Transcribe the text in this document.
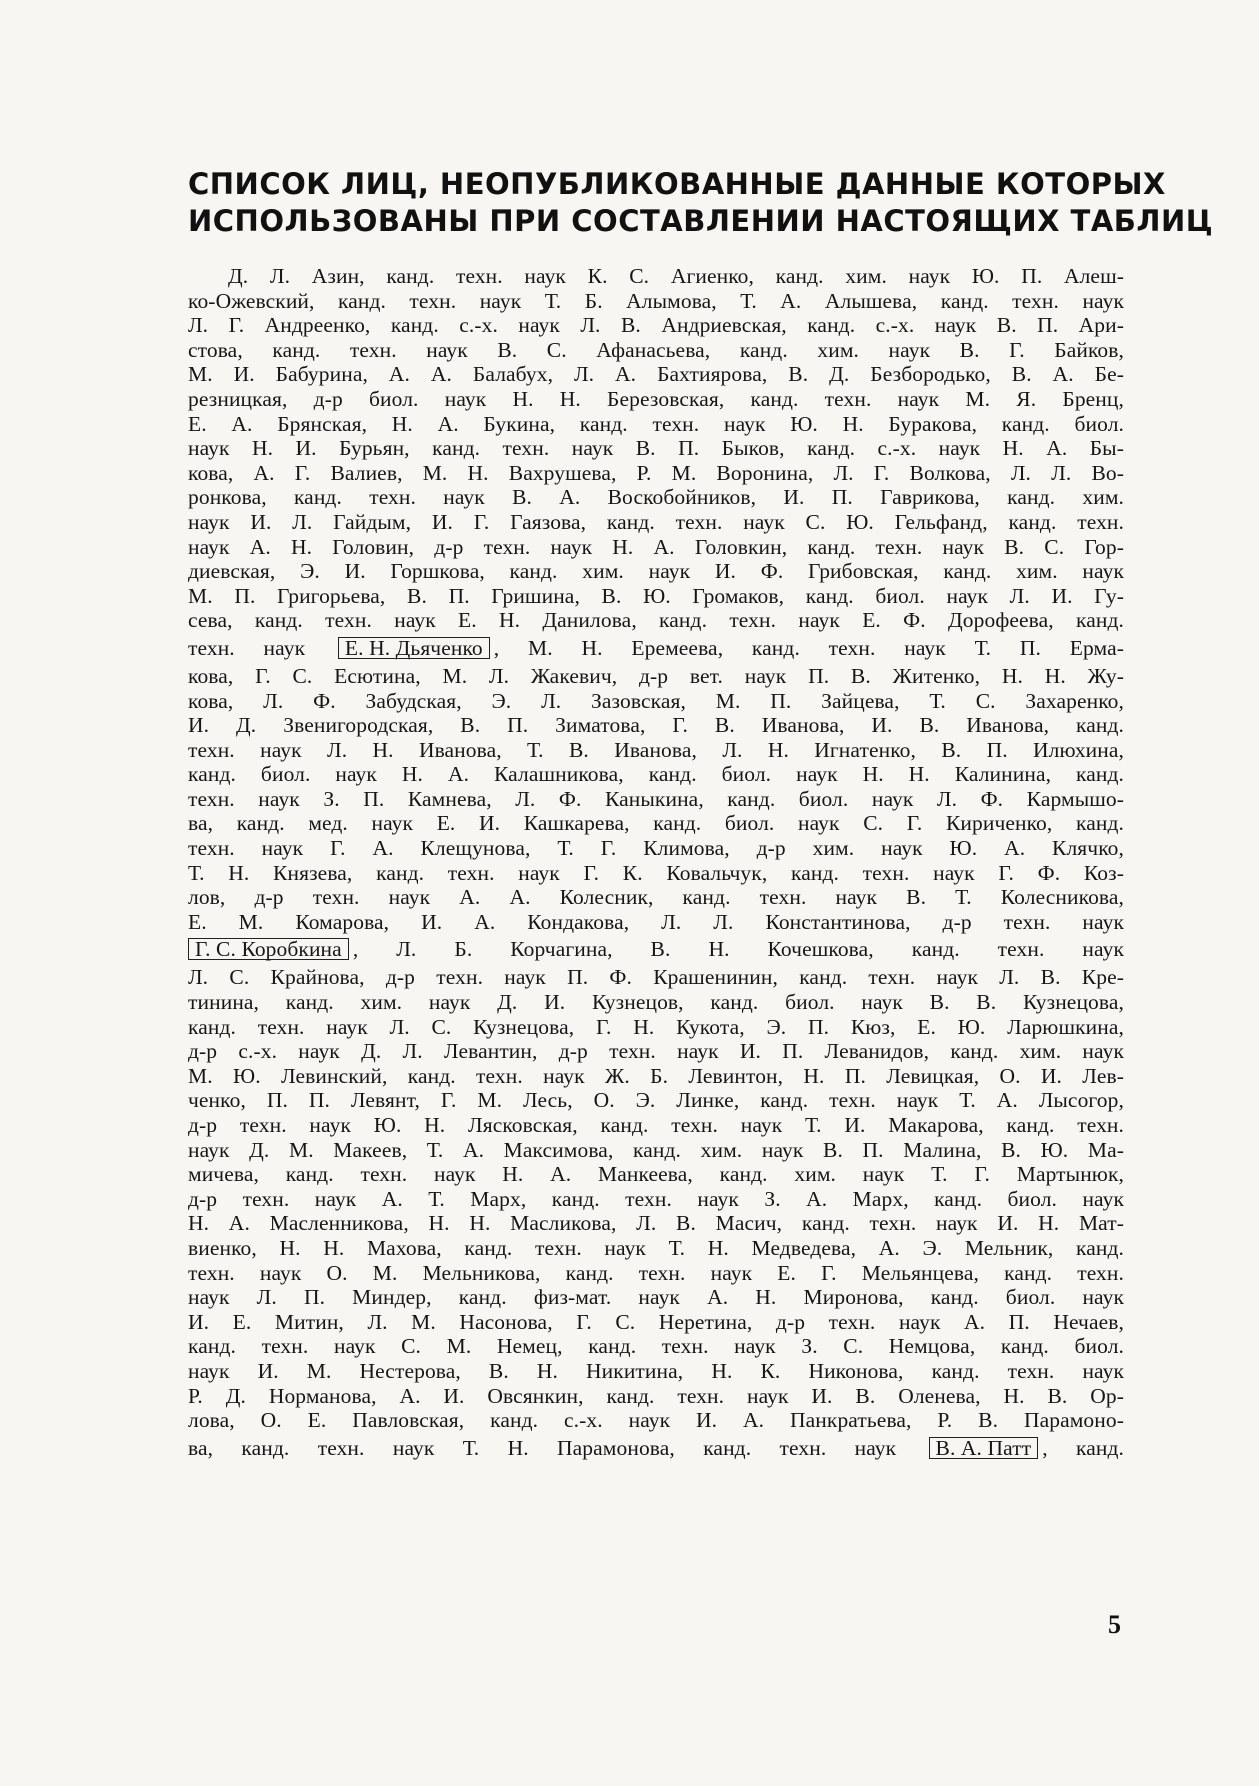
СПИСОК ЛИЦ, НЕОПУБЛИКОВАННЫЕ ДАННЫЕ КОТОРЫХ
ИСПОЛЬЗОВАНЫ ПРИ СОСТАВЛЕНИИ НАСТОЯЩИХ ТАБЛИЦ
Д. Л. Азин, канд. техн. наук К. С. Агиенко, канд. хим. наук Ю. П. Алеш-
ко-Ожевский, канд. техн. наук Т. Б. Алымова, Т. А. Алышева, канд. техн. наук
Л. Г. Андреенко, канд. с.-х. наук Л. В. Андриевская, канд. с.-х. наук В. П. Ари-
стова, канд. техн. наук В. С. Афанасьева, канд. хим. наук В. Г. Байков,
М. И. Бабурина, А. А. Балабух, Л. А. Бахтиярова, В. Д. Безбородько, В. А. Бе-
резницкая, д-р биол. наук Н. Н. Березовская, канд. техн. наук М. Я. Бренц,
Е. А. Брянская, Н. А. Букина, канд. техн. наук Ю. Н. Буракова, канд. биол.
наук Н. И. Бурьян, канд. техн. наук В. П. Быков, канд. с.-х. наук Н. А. Бы-
кова, А. Г. Валиев, М. Н. Вахрушева, Р. М. Воронина, Л. Г. Волкова, Л. Л. Во-
ронкова, канд. техн. наук В. А. Воскобойников, И. П. Гаврикова, канд. хим.
наук И. Л. Гайдым, И. Г. Гаязова, канд. техн. наук С. Ю. Гельфанд, канд. техн.
наук А. Н. Головин, д-р техн. наук Н. А. Головкин, канд. техн. наук В. С. Гор-
диевская, Э. И. Горшкова, канд. хим. наук И. Ф. Грибовская, канд. хим. наук
М. П. Григорьева, В. П. Гришина, В. Ю. Громаков, канд. биол. наук Л. И. Гу-
сева, канд. техн. наук Е. Н. Данилова, канд. техн. наук Е. Ф. Дорофеева, канд.
техн. наук Е. Н. Дьяченко , М. Н. Еремеева, канд. техн. наук Т. П. Ерма-
кова, Г. С. Есютина, М. Л. Жакевич, д-р вет. наук П. В. Житенко, Н. Н. Жу-
кова, Л. Ф. Забудская, Э. Л. Зазовская, М. П. Зайцева, Т. С. Захаренко,
И. Д. Звенигородская, В. П. Зиматова, Г. В. Иванова, И. В. Иванова, канд.
техн. наук Л. Н. Иванова, Т. В. Иванова, Л. Н. Игнатенко, В. П. Илюхина,
канд. биол. наук Н. А. Калашникова, канд. биол. наук Н. Н. Калинина, канд.
техн. наук З. П. Камнева, Л. Ф. Каныкина, канд. биол. наук Л. Ф. Кармышо-
ва, канд. мед. наук Е. И. Кашкарева, канд. биол. наук С. Г. Кириченко, канд.
техн. наук Г. А. Клещунова, Т. Г. Климова, д-р хим. наук Ю. А. Клячко,
Т. Н. Князева, канд. техн. наук Г. К. Ковальчук, канд. техн. наук Г. Ф. Коз-
лов, д-р техн. наук А. А. Колесник, канд. техн. наук В. Т. Колесникова,
Е. М. Комарова, И. А. Кондакова, Л. Л. Константинова, д-р техн. наук
Г. С. Коробкина , Л. Б. Корчагина, В. Н. Кочешкова, канд. техн. наук
Л. С. Крайнова, д-р техн. наук П. Ф. Крашенинин, канд. техн. наук Л. В. Кре-
тинина, канд. хим. наук Д. И. Кузнецов, канд. биол. наук В. В. Кузнецова,
канд. техн. наук Л. С. Кузнецова, Г. Н. Кукота, Э. П. Кюз, Е. Ю. Ларюшкина,
д-р с.-х. наук Д. Л. Левантин, д-р техн. наук И. П. Леванидов, канд. хим. наук
М. Ю. Левинский, канд. техн. наук Ж. Б. Левинтон, Н. П. Левицкая, О. И. Лев-
ченко, П. П. Левянт, Г. М. Лесь, О. Э. Линке, канд. техн. наук Т. А. Лысогор,
д-р техн. наук Ю. Н. Лясковская, канд. техн. наук Т. И. Макарова, канд. техн.
наук Д. М. Макеев, Т. А. Максимова, канд. хим. наук В. П. Малина, В. Ю. Ма-
мичева, канд. техн. наук Н. А. Манкеева, канд. хим. наук Т. Г. Мартынюк,
д-р техн. наук А. Т. Марх, канд. техн. наук З. А. Марх, канд. биол. наук
Н. А. Масленникова, Н. Н. Масликова, Л. В. Масич, канд. техн. наук И. Н. Мат-
виенко, Н. Н. Махова, канд. техн. наук Т. Н. Медведева, А. Э. Мельник, канд.
техн. наук О. М. Мельникова, канд. техн. наук Е. Г. Мельянцева, канд. техн.
наук Л. П. Миндер, канд. физ-мат. наук А. Н. Миронова, канд. биол. наук
И. Е. Митин, Л. М. Насонова, Г. С. Неретина, д-р техн. наук А. П. Нечаев,
канд. техн. наук С. М. Немец, канд. техн. наук З. С. Немцова, канд. биол.
наук И. М. Нестерова, В. Н. Никитина, Н. К. Никонова, канд. техн. наук
Р. Д. Норманова, А. И. Овсянкин, канд. техн. наук И. В. Оленева, Н. В. Ор-
лова, О. Е. Павловская, канд. с.-х. наук И. А. Панкратьева, Р. В. Парамоно-
ва, канд. техн. наук Т. Н. Парамонова, канд. техн. наук В. А. Патт , канд.
5
